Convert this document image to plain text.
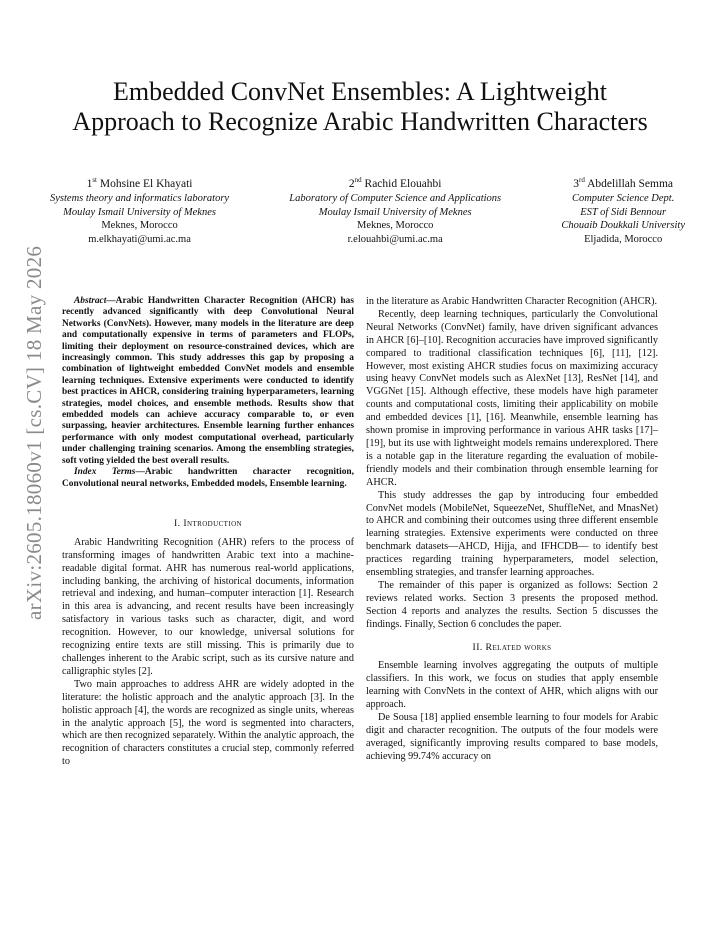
arXiv:2605.18060v1 [cs.CV] 18 May 2026
Embedded ConvNet Ensembles: A Lightweight Approach to Recognize Arabic Handwritten Characters
1st Mohsine El Khayati
Systems theory and informatics laboratory
Moulay Ismail University of Meknes
Meknes, Morocco
m.elkhayati@umi.ac.ma
2nd Rachid Elouahbi
Laboratory of Computer Science and Applications
Moulay Ismail University of Meknes
Meknes, Morocco
r.elouahbi@umi.ac.ma
3rd Abdelillah Semma
Computer Science Dept.
EST of Sidi Bennour
Chouaib Doukkali University
Eljadida, Morocco

Abstract—Arabic Handwritten Character Recognition (AHCR) has recently advanced significantly with deep Convolutional Neural Networks (ConvNets). However, many models in the literature are deep and computationally expensive in terms of parameters and FLOPs, limiting their deployment on resource-constrained devices, which are increasingly common. This study addresses this gap by proposing a combination of lightweight embedded ConvNet models and ensemble learning techniques. Extensive experiments were conducted to identify best practices in AHCR, considering training hyperparameters, learning strategies, model choices, and ensemble methods. Results show that embedded models can achieve accuracy comparable to, or even surpassing, heavier architectures. Ensemble learning further enhances performance with only modest computational overhead, particularly under challenging training scenarios. Among the ensembling strategies, soft voting yielded the best overall results.

Index Terms—Arabic handwritten character recognition, Convolutional neural networks, Embedded models, Ensemble learning.

I. Introduction

Arabic Handwriting Recognition (AHR) refers to the process of transforming images of handwritten Arabic text into a machine-readable digital format. AHR has numerous real-world applications, including banking, the archiving of historical documents, information retrieval and indexing, and human–computer interaction [1]. Research in this area is advancing, and recent results have been increasingly satisfactory in various tasks such as character, digit, and word recognition. However, to our knowledge, universal solutions for recognizing entire texts are still missing. This is primarily due to challenges inherent to the Arabic script, such as its cursive nature and calligraphic styles [2].

Two main approaches to address AHR are widely adopted in the literature: the holistic approach and the analytic approach [3]. In the holistic approach [4], the words are recognized as single units, whereas in the analytic approach [5], the word is segmented into characters, which are then recognized separately. Within the analytic approach, the recognition of characters constitutes a crucial step, commonly referred to

in the literature as Arabic Handwritten Character Recognition (AHCR).

Recently, deep learning techniques, particularly the Convolutional Neural Networks (ConvNet) family, have driven significant advances in AHCR [6]–[10]. Recognition accuracies have improved significantly compared to traditional classification techniques [6], [11], [12]. However, most existing AHCR studies focus on maximizing accuracy using heavy ConvNet models such as AlexNet [13], ResNet [14], and VGGNet [15]. Although effective, these models have high parameter counts and computational costs, limiting their applicability on mobile and embedded devices [1], [16]. Meanwhile, ensemble learning has shown promise in improving performance in various AHR tasks [17]–[19], but its use with lightweight models remains underexplored. There is a notable gap in the literature regarding the evaluation of mobile-friendly models and their combination through ensemble learning for AHCR.

This study addresses the gap by introducing four embedded ConvNet models (MobileNet, SqueezeNet, ShuffleNet, and MnasNet) to AHCR and combining their outcomes using three different ensemble learning strategies. Extensive experiments were conducted on three benchmark datasets—AHCD, Hijja, and IFHCDB— to identify best practices regarding training hyperparameters, model selection, ensembling strategies, and transfer learning approaches.

The remainder of this paper is organized as follows: Section 2 reviews related works. Section 3 presents the proposed method. Section 4 reports and analyzes the results. Section 5 discusses the findings. Finally, Section 6 concludes the paper.

II. Related works

Ensemble learning involves aggregating the outputs of multiple classifiers. In this work, we focus on studies that apply ensemble learning with ConvNets in the context of AHR, which aligns with our approach.

De Sousa [18] applied ensemble learning to four models for Arabic digit and character recognition. The outputs of the four models were averaged, significantly improving results compared to base models, achieving 99.74% accuracy on
